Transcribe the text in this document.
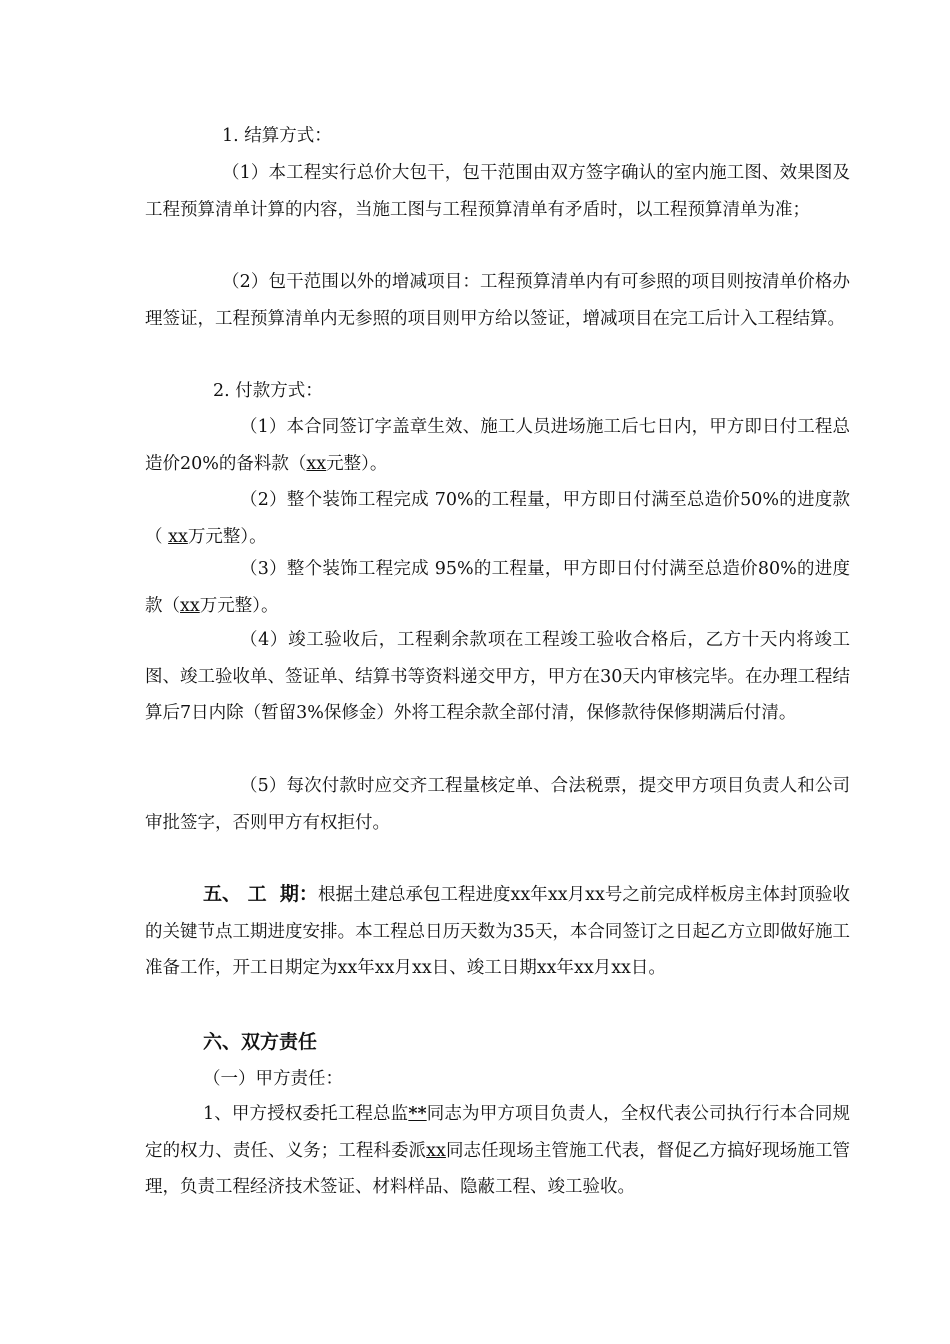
1. 结算方式：
（1）本工程实行总价大包干，包干范围由双方签字确认的室内施工图、效果图及工程预算清单计算的内容，当施工图与工程预算清单有矛盾时，以工程预算清单为准；
（2）包干范围以外的增减项目：工程预算清单内有可参照的项目则按清单价格办理签证，工程预算清单内无参照的项目则甲方给以签证，增减项目在完工后计入工程结算。
2. 付款方式：
（1）本合同签订字盖章生效、施工人员进场施工后七日内，甲方即日付工程总造价20%的备料款（xx元整）。
（2）整个装饰工程完成 70%的工程量，甲方即日付满至总造价50%的进度款（ xx万元整）。
（3）整个装饰工程完成 95%的工程量，甲方即日付付满至总造价80%的进度款（xx万元整）。
（4）竣工验收后，工程剩余款项在工程竣工验收合格后，乙方十天内将竣工图、竣工验收单、签证单、结算书等资料递交甲方，甲方在30天内审核完毕。在办理工程结算后7日内除（暂留3%保修金）外将工程余款全部付清，保修款待保修期满后付清。
（5）每次付款时应交齐工程量核定单、合法税票，提交甲方项目负责人和公司审批签字，否则甲方有权拒付。
五、 工  期：根据土建总承包工程进度xx年xx月xx号之前完成样板房主体封顶验收的关键节点工期进度安排。本工程总日历天数为35天，本合同签订之日起乙方立即做好施工准备工作，开工日期定为xx年xx月xx日、竣工日期xx年xx月xx日。
六、双方责任
（一）甲方责任：
1、甲方授权委托工程总监**同志为甲方项目负责人，全权代表公司执行行本合同规定的权力、责任、义务；工程科委派xx同志任现场主管施工代表，督促乙方搞好现场施工管理，负责工程经济技术签证、材料样品、隐蔽工程、竣工验收。
